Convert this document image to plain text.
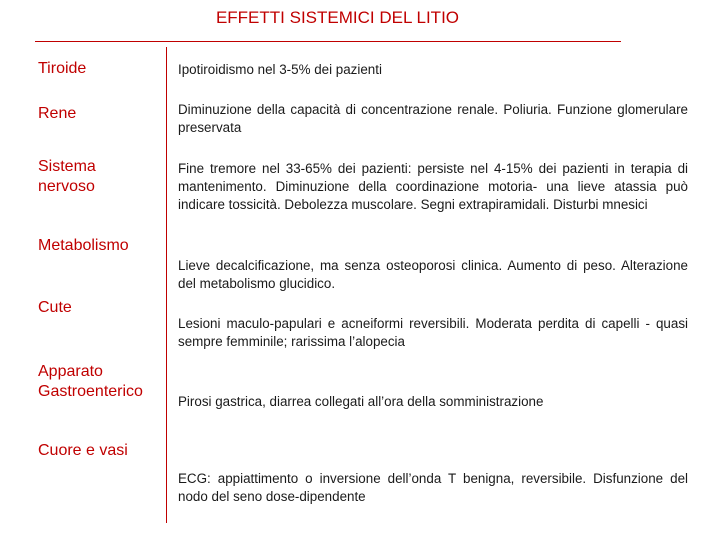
EFFETTI SISTEMICI DEL LITIO
Tiroide
Rene
Sistema nervoso
Metabolismo
Cute
Apparato Gastroenterico
Cuore e vasi
Ipotiroidismo nel 3-5% dei pazienti
Diminuzione della capacità di concentrazione renale. Poliuria. Funzione glomerulare preservata
Fine tremore nel 33-65% dei pazienti: persiste nel 4-15% dei pazienti in terapia di mantenimento. Diminuzione della coordinazione motoria- una lieve atassia può indicare tossicità. Debolezza muscolare. Segni extrapiramidali. Disturbi mnesici
Lieve decalcificazione, ma senza osteoporosi clinica. Aumento di peso. Alterazione del metabolismo glucidico.
Lesioni maculo-papulari e acneiformi reversibili. Moderata perdita di capelli - quasi sempre femminile; rarissima l’alopecia
Pirosi gastrica, diarrea collegati all’ora della somministrazione
ECG: appiattimento o inversione dell’onda T benigna, reversibile. Disfunzione del nodo del seno dose-dipendente
